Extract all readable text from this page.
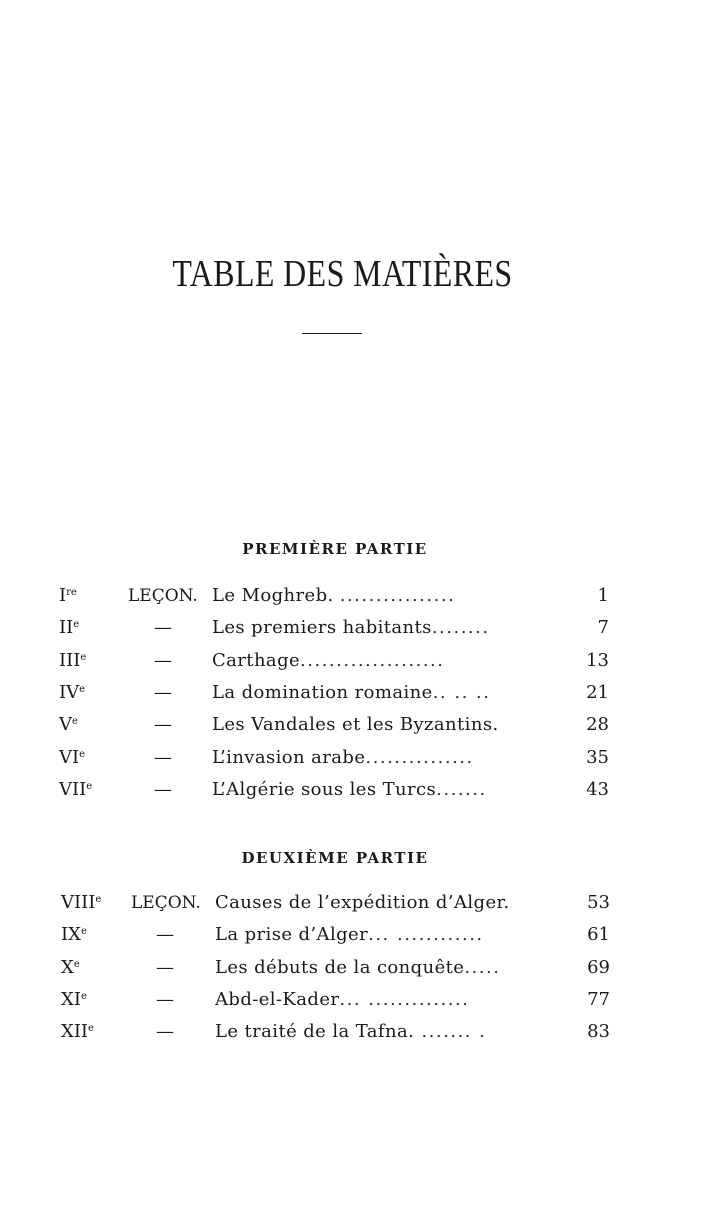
TABLE DES MATIÈRES
PREMIÈRE PARTIE
Ire	LEÇON. Le Moghreb. ................	1
IIe	— Les premiers habitants........	7
IIIe	— Carthage....................	13
IVe	— La domination romaine.. .. ..	21
Ve	— Les Vandales et les Byzantins.	28
VIe	— L’invasion arabe...............	35
VIIe	— L’Algérie sous les Turcs.......	43
DEUXIÈME PARTIE
VIIIe LEÇON. Causes de l’expédition d’Alger.	53
IXe	— La prise d’Alger... ............	61
Xe	— Les débuts de la conquête.....	69
XIe	— Abd-el-Kader... ..............	77
XIIe	— Le traité de la Tafna. ....... .	83
